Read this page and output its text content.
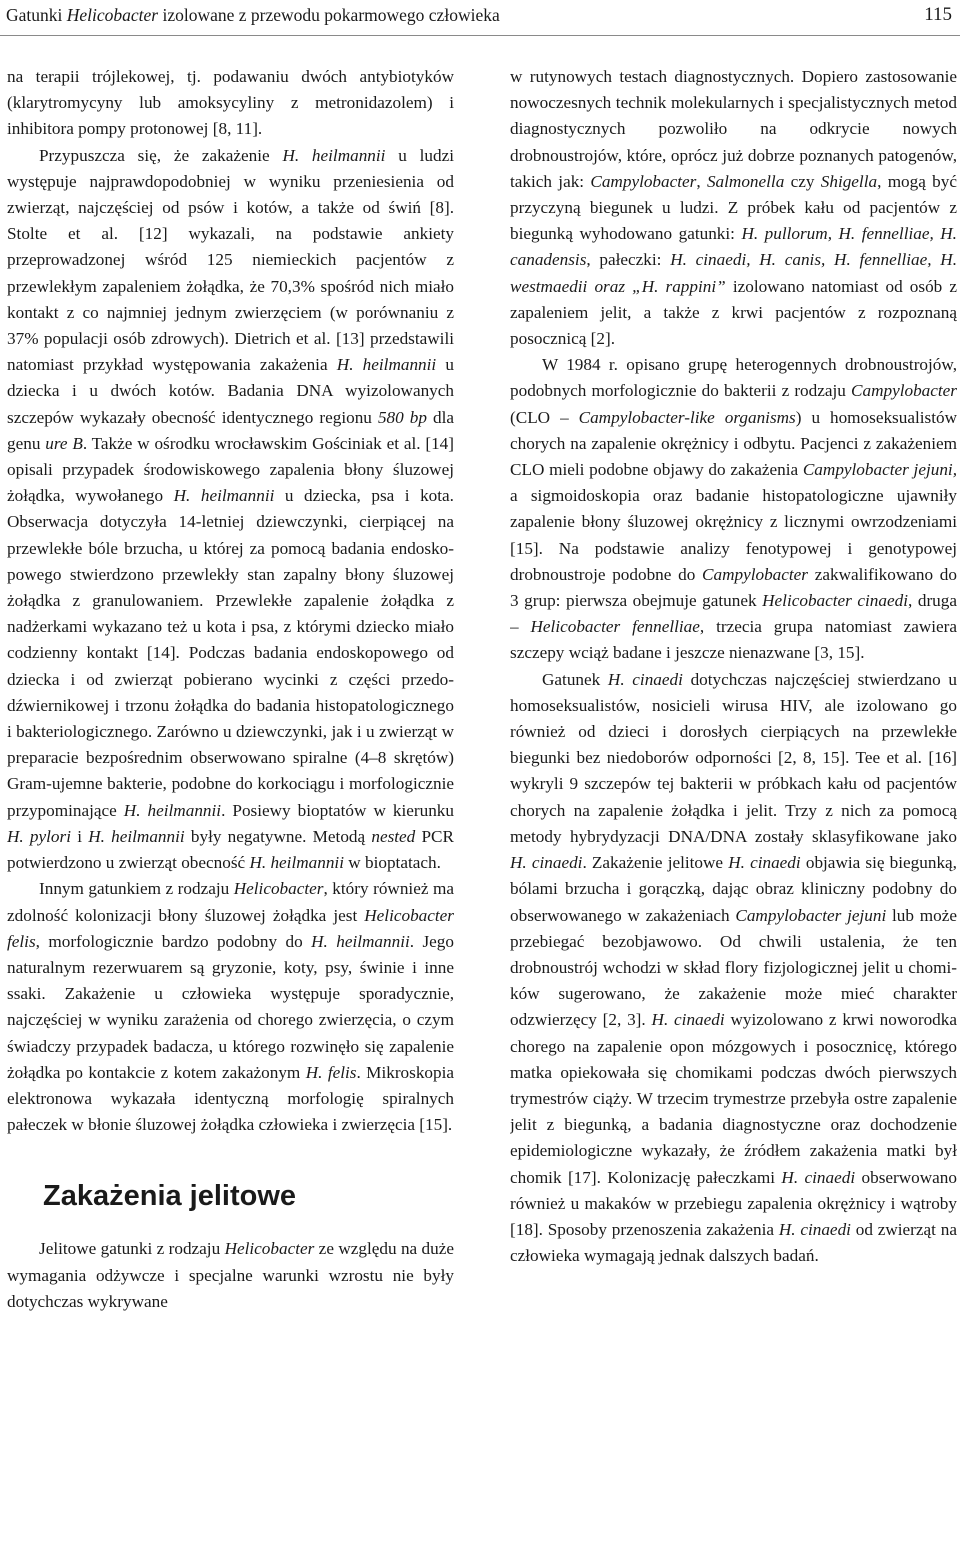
Gatunki Helicobacter izolowane z przewodu pokarmowego człowieka	115

na terapii trójlekowej, tj. podawaniu dwóch antybiotyków (klarytromycyny lub amoksycyliny z metronidazolem) i inhibitora pompy protonowej [8, 11].

Przypuszcza się, że zakażenie H. heilmannii u ludzi występuje najprawdopodobniej w wyniku przeniesienia od zwierząt, najczęściej od psów i kotów, a także od świń [8]. Stolte et al. [12] wykazali, na podstawie ankiety przeprowadzonej wśród 125 niemieckich pacjentów z przewlekłym zapaleniem żołądka, że 70,3% spośród nich miało kontakt z co najmniej jednym zwierzęciem (w porównaniu z 37% populacji osób zdrowych). Dietrich et al. [13] przedstawili natomiast przykład występowania zakażenia H. heilmannii u dziecka i u dwóch kotów. Badania DNA wyizolowanych szczepów wykazały obecność identycznego regionu 580 bp dla genu ure B. Także w ośrodku wrocławskim Gościniak et al. [14] opisali przypadek środowiskowego zapalenia błony śluzowej żołądka, wywołanego H. heilmannii u dziecka, psa i kota. Obserwacja dotyczyła 14-letniej dziewczynki, cierpiącej na przewlekłe bóle brzucha, u której za pomocą badania endoskopowego stwierdzono przewlekły stan zapalny błony śluzowej żołądka z granulowaniem. Przewlekłe zapalenie żołądka z nadżerkami wykazano też u kota i psa, z którymi dziecko miało codzienny kontakt [14]. Podczas badania endoskopowego od dziecka i od zwierząt pobierano wycinki z części przedodźwiernikowej i trzonu żołądka do badania histopatologicznego i bakteriologicznego. Zarówno u dziewczynki, jak i u zwierząt w preparacie bezpośrednim obserwowano spiralne (4–8 skrętów) Gram-ujemne bakterie, podobne do korkociągu i morfologicznie przypominające H. heilmannii. Posiewy bioptatów w kierunku H. pylori i H. heilmannii były negatywne. Metodą nested PCR potwierdzono u zwierząt obecność H. heilmannii w bioptatach.

Innym gatunkiem z rodzaju Helicobacter, który również ma zdolność kolonizacji błony śluzowej żołądka jest Helicobacter felis, morfologicznie bardzo podobny do H. heilmannii. Jego naturalnym rezerwuarem są gryzonie, koty, psy, świnie i inne ssaki. Zakażenie u człowieka występuje sporadycznie, najczęściej w wyniku zarażenia od chorego zwierzęcia, o czym świadczy przypadek badacza, u którego rozwinęło się zapalenie żołądka po kontakcie z kotem zakażonym H. felis. Mikroskopia elektronowa wykazała identyczną morfologię spiralnych pałeczek w błonie śluzowej żołądka człowieka i zwierzęcia [15].

Zakażenia jelitowe

Jelitowe gatunki z rodzaju Helicobacter ze względu na duże wymagania odżywcze i specjalne warunki wzrostu nie były dotychczas wykrywane

w rutynowych testach diagnostycznych. Dopiero zastosowanie nowoczesnych technik molekularnych i specjalistycznych metod diagnostycznych pozwoliło na odkrycie nowych drobnoustrojów, które, oprócz już dobrze poznanych patogenów, takich jak: Campylobacter, Salmonella czy Shigella, mogą być przyczyną biegunek u ludzi. Z próbek kału od pacjentów z biegunką wyhodowano gatunki: H. pullorum, H. fennelliae, H. canadensis, pałeczki: H. cinaedi, H. canis, H. fennelliae, H. westmaedii oraz „H. rappini” izolowano natomiast od osób z zapaleniem jelit, a także z krwi pacjentów z rozpoznaną posocznicą [2].

W 1984 r. opisano grupę heterogennych drobnoustrojów, podobnych morfologicznie do bakterii z rodzaju Campylobacter (CLO – Campylobacter-like organisms) u homoseksualistów chorych na zapalenie okrężnicy i odbytu. Pacjenci z zakażeniem CLO mieli podobne objawy do zakażenia Campylobacter jejuni, a sigmoidoskopia oraz badanie histopatologiczne ujawniły zapalenie błony śluzowej okrężnicy z licznymi owrzodzeniami [15]. Na podstawie analizy fenotypowej i genotypowej drobnoustroje podobne do Campylobacter zakwalifikowano do 3 grup: pierwsza obejmuje gatunek Helicobacter cinaedi, druga – Helicobacter fennelliae, trzecia grupa natomiast zawiera szczepy wciąż badane i jeszcze nienazwane [3, 15].

Gatunek H. cinaedi dotychczas najczęściej stwierdzano u homoseksualistów, nosicieli wirusa HIV, ale izolowano go również od dzieci i dorosłych cierpiących na przewlekłe biegunki bez niedoborów odporności [2, 8, 15]. Tee et al. [16] wykryli 9 szczepów tej bakterii w próbkach kału od pacjentów chorych na zapalenie żołądka i jelit. Trzy z nich za pomocą metody hybrydyzacji DNA/DNA zostały sklasyfikowane jako H. cinaedi. Zakażenie jelitowe H. cinaedi objawia się biegunką, bólami brzucha i gorączką, dając obraz kliniczny podobny do obserwowanego w zakażeniach Campylobacter jejuni lub może przebiegać bezobjawowo. Od chwili ustalenia, że ten drobnoustrój wchodzi w skład flory fizjologicznej jelit u chomików sugerowano, że zakażenie może mieć charakter odzwierzęcy [2, 3]. H. cinaedi wyizolowano z krwi noworodka chorego na zapalenie opon mózgowych i posocznicę, którego matka opiekowała się chomikami podczas dwóch pierwszych trymestrów ciąży. W trzecim trymestrze przebyła ostre zapalenie jelit z biegunką, a badania diagnostyczne oraz dochodzenie epidemiologiczne wykazały, że źródłem zakażenia matki był chomik [17]. Kolonizację pałeczkami H. cinaedi obserwowano również u makaków w przebiegu zapalenia okrężnicy i wątroby [18]. Sposoby przenoszenia zakażenia H. cinaedi od zwierząt na człowieka wymagają jednak dalszych badań.
